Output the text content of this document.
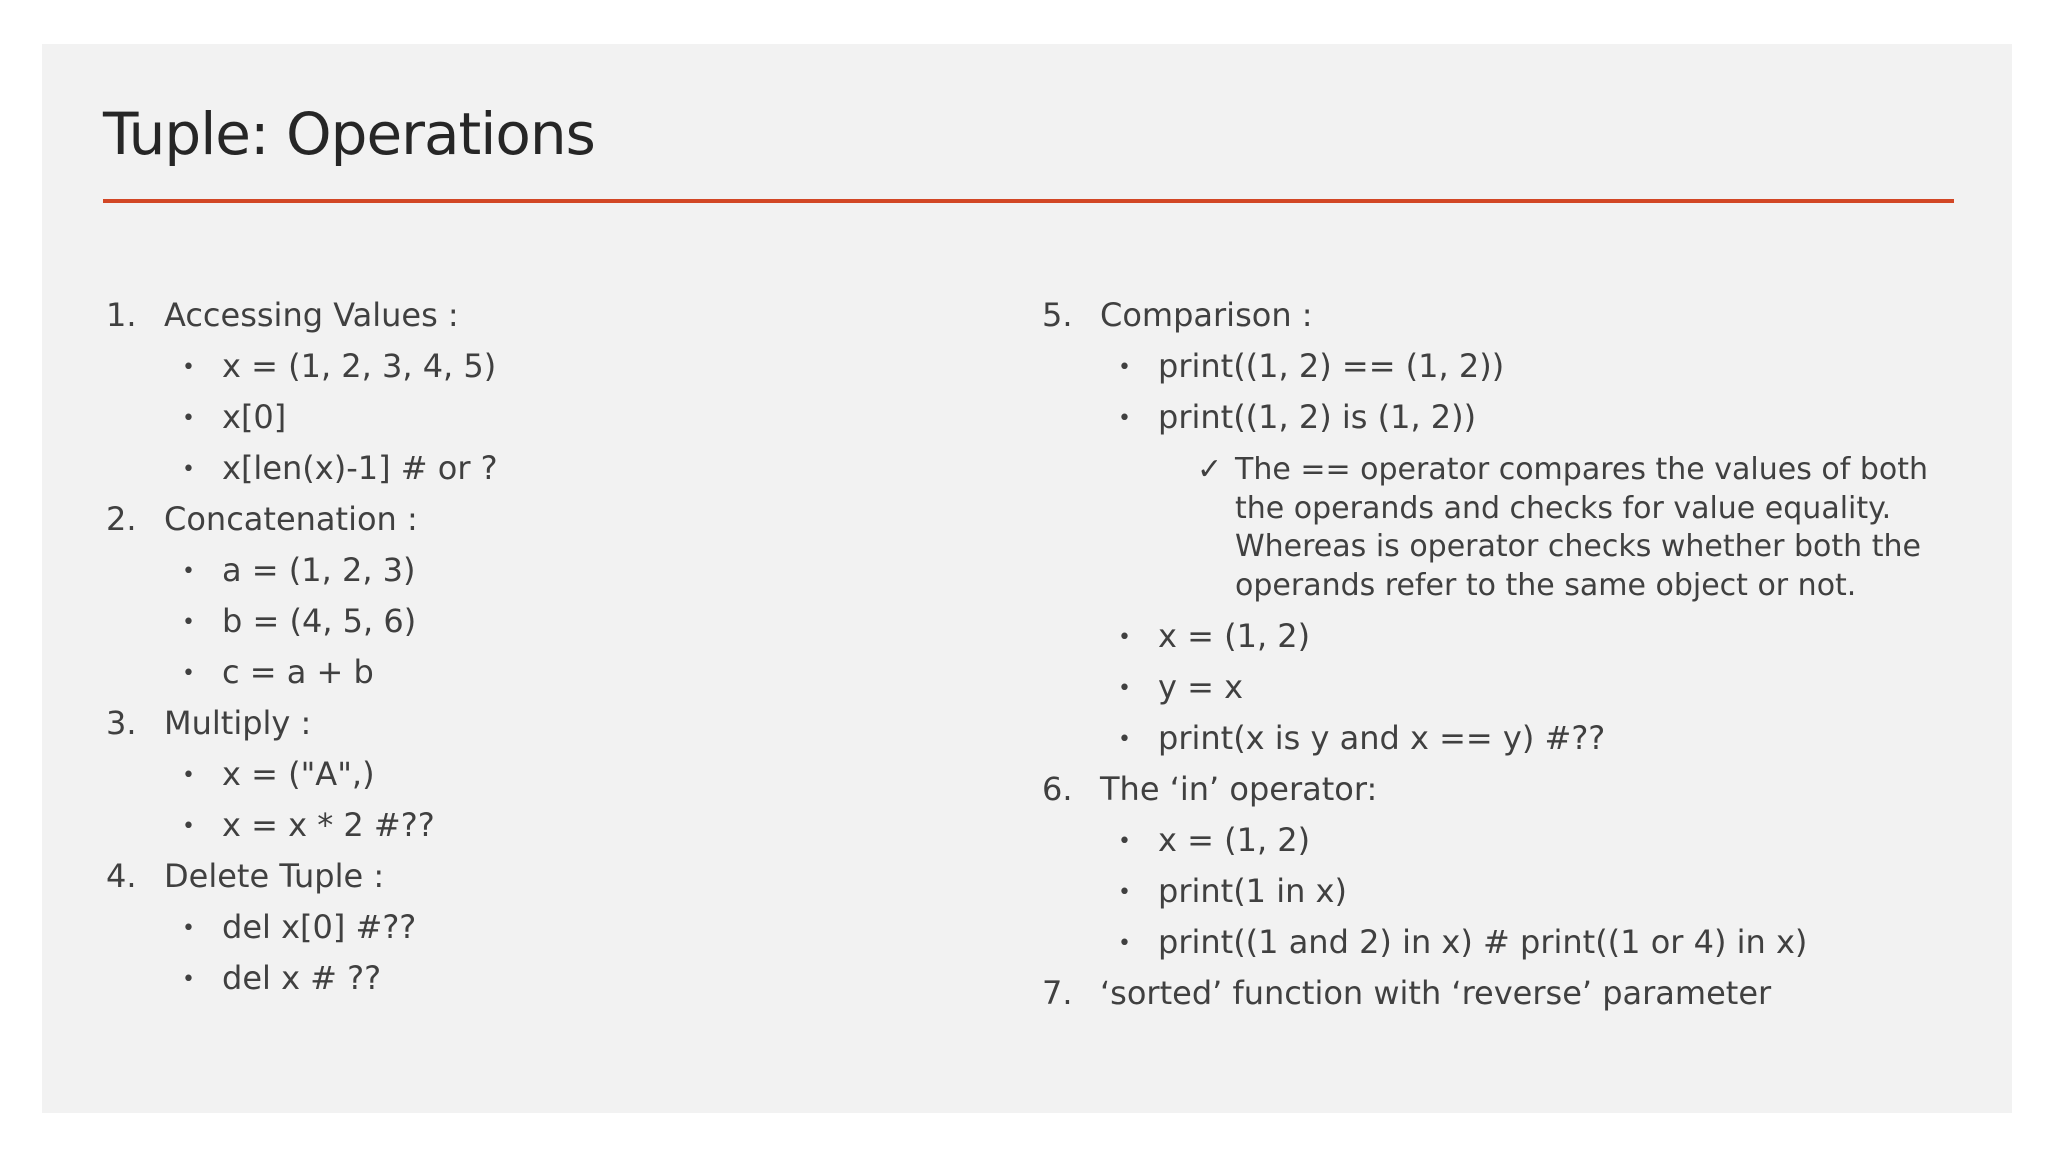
Tuple: Operations
1. Accessing Values :
• x = (1, 2, 3, 4, 5)
• x[0]
• x[len(x)-1] # or ?
2. Concatenation :
• a = (1, 2, 3)
• b = (4, 5, 6)
• c = a + b
3. Multiply :
• x = ("A",)
• x = x * 2 #??
4. Delete Tuple :
• del x[0] #??
• del x # ??
5. Comparison :
• print((1, 2) == (1, 2))
• print((1, 2) is (1, 2))
✓ The == operator compares the values of both the operands and checks for value equality. Whereas is operator checks whether both the operands refer to the same object or not.
• x = (1, 2)
• y = x
• print(x is y and x == y) #??
6. The ‘in’ operator:
• x = (1, 2)
• print(1 in x)
• print((1 and 2) in x) # print((1 or 4) in x)
7. ‘sorted’ function with ‘reverse’ parameter
